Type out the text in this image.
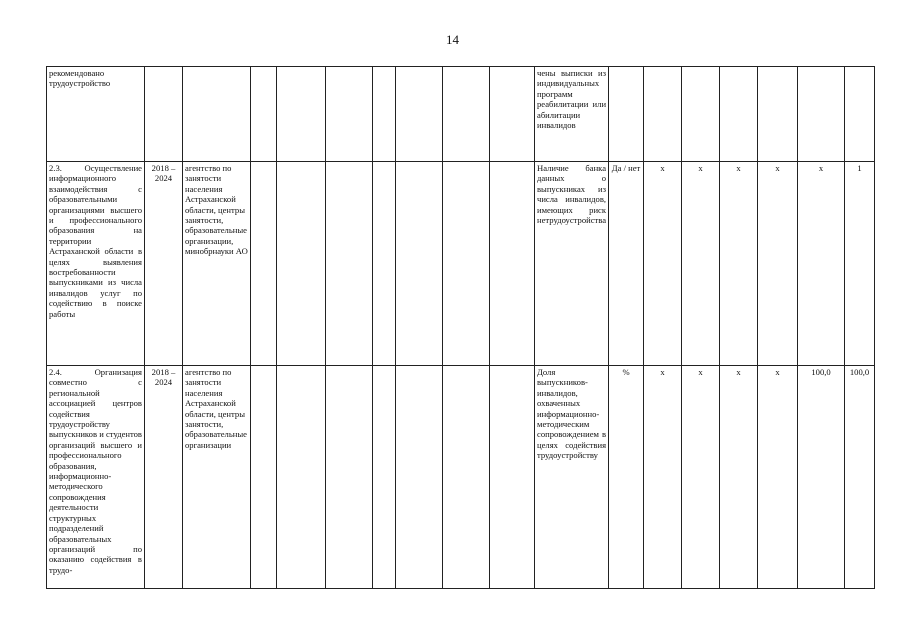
14
рекомендовано трудоустройство										чены выписки из индивидуальных программ реабилитации или абилитации инвалидов							
2.3. Осуществление информационного взаимодействия с образовательными организациями высшего и профессионального образования на территории Астраханской области в целях выявления востребованности выпускниками из числа инвалидов услуг по содействию в поиске работы	2018 – 2024	агентство по занятости населения Астраханской области, центры занятости, образовательные организации, минобрнауки АО								Наличие банка данных о выпускниках из числа инвалидов, имеющих риск нетрудоустройства	Да / нет	х	х	х	х	х	1
2.4. Организация совместно с региональной ассоциацией центров содействия трудоустройству выпускников и студентов организаций высшего и профессионального образования, информационно-методического сопровождения деятельности структурных подразделений образовательных организаций по оказанию содействия в трудо-	2018 – 2024	агентство по занятости населения Астраханской области, центры занятости, образовательные организации								Доля выпускников-инвалидов, охваченных информационно-методическим сопровождением в целях содействия трудоустройству	%	х	х	х	х	100,0	100,0
